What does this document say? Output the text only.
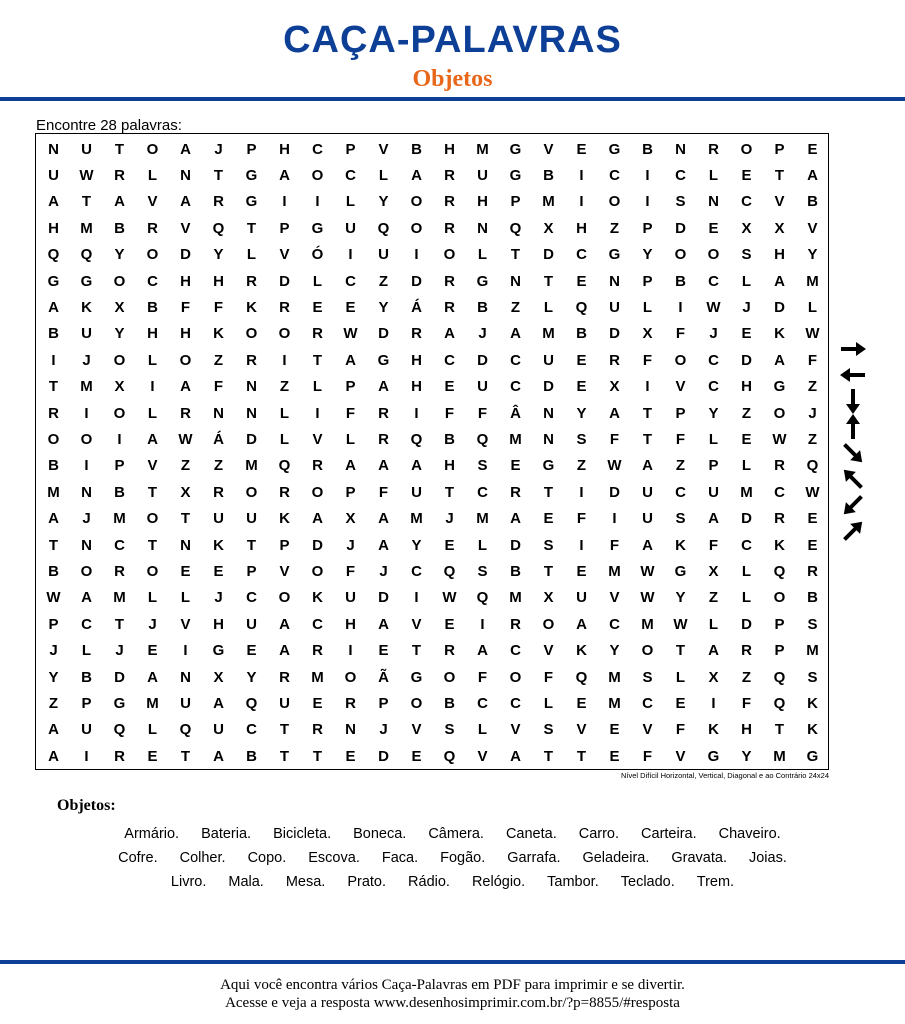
CAÇA-PALAVRAS
Objetos
Encontre 28 palavras:
N	U	T	O	A	J	P	H	C	P	V	B	H	M	G	V	E	G	B	N	R	O	P	E
U	W	R	L	N	T	G	A	O	C	L	A	R	U	G	B	I	C	I	C	L	E	T	A
A	T	A	V	A	R	G	I	I	L	Y	O	R	H	P	M	I	O	I	S	N	C	V	B
H	M	B	R	V	Q	T	P	G	U	Q	O	R	N	Q	X	H	Z	P	D	E	X	X	V
Q	Q	Y	O	D	Y	L	V	Ó	I	U	I	O	L	T	D	C	G	Y	O	O	S	H	Y
G	G	O	C	H	H	R	D	L	C	Z	D	R	G	N	T	E	N	P	B	C	L	A	M
A	K	X	B	F	F	K	R	E	E	Y	Á	R	B	Z	L	Q	U	L	I	W	J	D	L
B	U	Y	H	H	K	O	O	R	W	D	R	A	J	A	M	B	D	X	F	J	E	K	W
I	J	O	L	O	Z	R	I	T	A	G	H	C	D	C	U	E	R	F	O	C	D	A	F
T	M	X	I	A	F	N	Z	L	P	A	H	E	U	C	D	E	X	I	V	C	H	G	Z
R	I	O	L	R	N	N	L	I	F	R	I	F	F	Â	N	Y	A	T	P	Y	Z	O	J
O	O	I	A	W	Á	D	L	V	L	R	Q	B	Q	M	N	S	F	T	F	L	E	W	Z
B	I	P	V	Z	Z	M	Q	R	A	A	A	H	S	E	G	Z	W	A	Z	P	L	R	Q
M	N	B	T	X	R	O	R	O	P	F	U	T	C	R	T	I	D	U	C	U	M	C	W
A	J	M	O	T	U	U	K	A	X	A	M	J	M	A	E	F	I	U	S	A	D	R	E
T	N	C	T	N	K	T	P	D	J	A	Y	E	L	D	S	I	F	A	K	F	C	K	E
B	O	R	O	E	E	P	V	O	F	J	C	Q	S	B	T	E	M	W	G	X	L	Q	R
W	A	M	L	L	J	C	O	K	U	D	I	W	Q	M	X	U	V	W	Y	Z	L	O	B
P	C	T	J	V	H	U	A	C	H	A	V	E	I	R	O	A	C	M	W	L	D	P	S
J	L	J	E	I	G	E	A	R	I	E	T	R	A	C	V	K	Y	O	T	A	R	P	M
Y	B	D	A	N	X	Y	R	M	O	Ã	G	O	F	O	F	Q	M	S	L	X	Z	Q	S
Z	P	G	M	U	A	Q	U	E	R	P	O	B	C	C	L	E	M	C	E	I	F	Q	K
A	U	Q	L	Q	U	C	T	R	N	J	V	S	L	V	S	V	E	V	F	K	H	T	K
A	I	R	E	T	A	B	T	T	E	D	E	Q	V	A	T	T	E	F	V	G	Y	M	G
Nível Difícil Horizontal, Vertical, Diagonal e ao Contrário 24x24
Objetos:
Armário. Bateria. Bicicleta. Boneca. Câmera. Caneta. Carro. Carteira. Chaveiro.
Cofre. Colher. Copo. Escova. Faca. Fogão. Garrafa. Geladeira. Gravata. Joias.
Livro. Mala. Mesa. Prato. Rádio. Relógio. Tambor. Teclado. Trem.
Aqui você encontra vários Caça-Palavras em PDF para imprimir e se divertir.
Acesse e veja a resposta www.desenhosimprimir.com.br/?p=8855/#resposta
